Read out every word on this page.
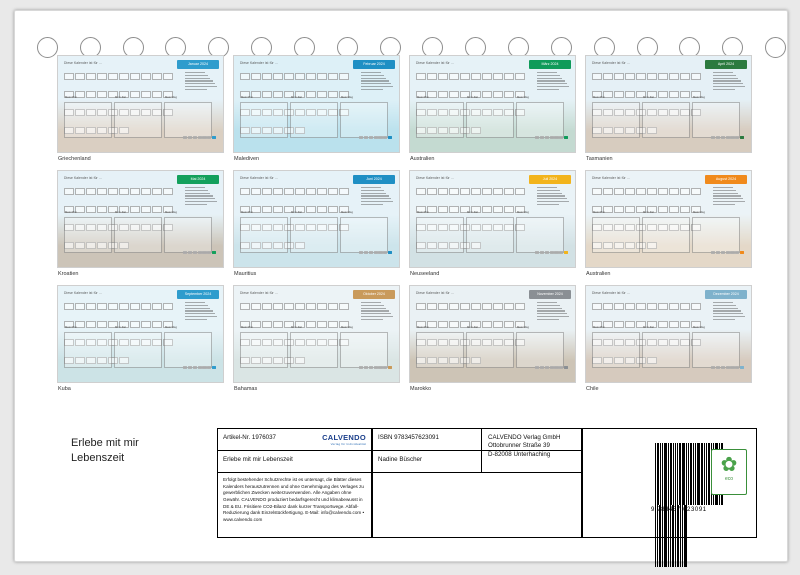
Diese Kalender ist für ...	Januar 2024
Mein Plan	Mein Ziel	Mein Weg
Griechenland
Diese Kalender ist für ...	Februar 2024
Mein Plan	Mein Ziel	Mein Weg
Malediven
Diese Kalender ist für ...	März 2024
Mein Plan	Mein Ziel	Mein Weg
Australien
Diese Kalender ist für ...	April 2024
Mein Plan	Mein Ziel	Mein Weg
Tasmanien
Diese Kalender ist für ...	Mai 2024
Mein Plan	Mein Ziel	Mein Weg
Kroatien
Diese Kalender ist für ...	Juni 2024
Mein Plan	Mein Ziel	Mein Weg
Mauritius
Diese Kalender ist für ...	Juli 2024
Mein Plan	Mein Ziel	Mein Weg
Neuseeland
Diese Kalender ist für ...	August 2024
Mein Plan	Mein Ziel	Mein Weg
Australien
Diese Kalender ist für ...	September 2024
Mein Plan	Mein Ziel	Mein Weg
Kuba
Diese Kalender ist für ...	Oktober 2024
Mein Plan	Mein Ziel	Mein Weg
Bahamas
Diese Kalender ist für ...	November 2024
Mein Plan	Mein Ziel	Mein Weg
Marokko
Diese Kalender ist für ...	Dezember 2024
Mein Plan	Mein Ziel	Mein Weg
Chile
Erlebe mit mir
Lebenszeit
Artikel-Nr. 1976037	CALVENDO
Verlag für Individualität
Erlebe mit mir Lebenszeit
Erfolgt bestehender Schutzrechte ist es untersagt, die Blätter dieses Kalenders herauszutrennen und ohne Genehmigung des Verlages zu gewerblichen Zwecken weiterzuverwenden. Alle Angaben ohne Gewähr. CALVENDO produziert bedarfsgerecht und klimabewusst in DE & EU. Frisitiere CO2-Bilanz dank kurzer Transportwege. Abfall-Reduzierung dank Einzelstückfertigung. E-Mail: info@calvendo.com • www.calvendo.com
ISBN 9783457623091
Nadine Büscher
CALVENDO Verlag GmbH
Ottobrunner Straße 39
D-82008 Unterhaching
9 783457 623091
✿
eco
